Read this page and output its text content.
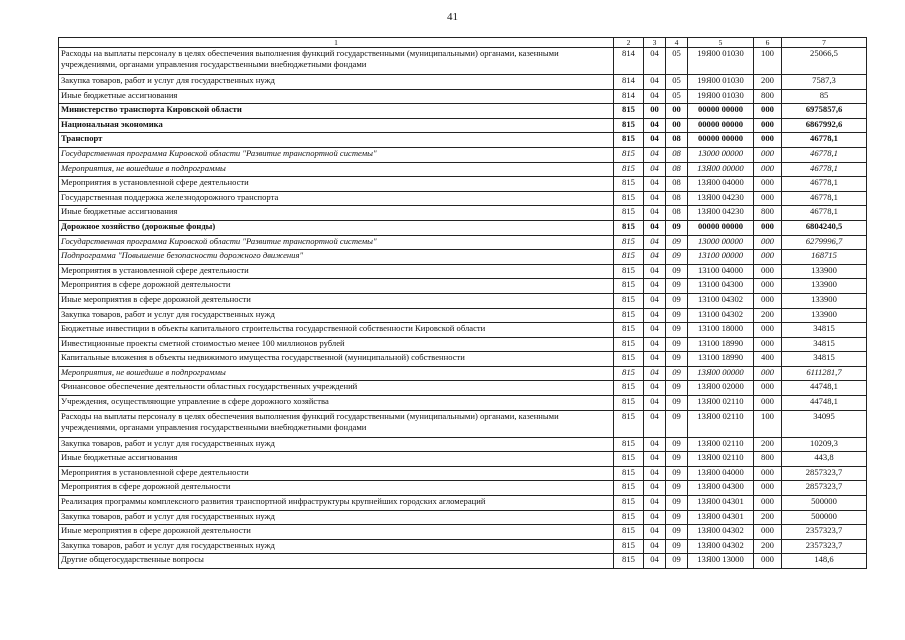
41
1	2	3	4	5	6	7
Расходы на выплаты персоналу в целях обеспечения выполнения функций государственными (муниципальными) органами, казенными учреждениями, органами управления государственными внебюджетными фондами	814	04	05	19Я00 01030	100	25066,5
Закупка товаров, работ и услуг для государственных нужд	814	04	05	19Я00 01030	200	7587,3
Иные бюджетные ассигнования	814	04	05	19Я00 01030	800	85
Министерство транспорта Кировской области	815	00	00	00000 00000	000	6975857,6
Национальная экономика	815	04	00	00000 00000	000	6867992,6
Транспорт	815	04	08	00000 00000	000	46778,1
Государственная программа Кировской области "Развитие транспортной системы"	815	04	08	13000 00000	000	46778,1
Мероприятия, не вошедшие в подпрограммы	815	04	08	13Я00 00000	000	46778,1
Мероприятия в установленной сфере деятельности	815	04	08	13Я00 04000	000	46778,1
Государственная поддержка железнодорожного транспорта	815	04	08	13Я00 04230	000	46778,1
Иные бюджетные ассигнования	815	04	08	13Я00 04230	800	46778,1
Дорожное хозяйство (дорожные фонды)	815	04	09	00000 00000	000	6804240,5
Государственная программа Кировской области "Развитие транспортной системы"	815	04	09	13000 00000	000	6279996,7
Подпрограмма "Повышение безопасности дорожного движения"	815	04	09	13100 00000	000	168715
Мероприятия в установленной сфере деятельности	815	04	09	13100 04000	000	133900
Мероприятия в сфере дорожной деятельности	815	04	09	13100 04300	000	133900
Иные мероприятия в сфере дорожной деятельности	815	04	09	13100 04302	000	133900
Закупка товаров, работ и услуг для государственных нужд	815	04	09	13100 04302	200	133900
Бюджетные инвестиции в объекты капитального строительства государственной собственности Кировской области	815	04	09	13100 18000	000	34815
Инвестиционные проекты сметной стоимостью менее 100 миллионов рублей	815	04	09	13100 18990	000	34815
Капитальные вложения в объекты недвижимого имущества государственной (муниципальной) собственности	815	04	09	13100 18990	400	34815
Мероприятия, не вошедшие в подпрограммы	815	04	09	13Я00 00000	000	6111281,7
Финансовое обеспечение деятельности областных государственных учреждений	815	04	09	13Я00 02000	000	44748,1
Учреждения, осуществляющие управление в сфере дорожного хозяйства	815	04	09	13Я00 02110	000	44748,1
Расходы на выплаты персоналу в целях обеспечения выполнения функций государственными (муниципальными) органами, казенными учреждениями, органами управления государственными внебюджетными фондами	815	04	09	13Я00 02110	100	34095
Закупка товаров, работ и услуг для государственных нужд	815	04	09	13Я00 02110	200	10209,3
Иные бюджетные ассигнования	815	04	09	13Я00 02110	800	443,8
Мероприятия в установленной сфере деятельности	815	04	09	13Я00 04000	000	2857323,7
Мероприятия в сфере дорожной деятельности	815	04	09	13Я00 04300	000	2857323,7
Реализация программы комплексного развития транспортной инфраструктуры крупнейших городских агломераций	815	04	09	13Я00 04301	000	500000
Закупка товаров, работ и услуг для государственных нужд	815	04	09	13Я00 04301	200	500000
Иные мероприятия в сфере дорожной деятельности	815	04	09	13Я00 04302	000	2357323,7
Закупка товаров, работ и услуг для государственных нужд	815	04	09	13Я00 04302	200	2357323,7
Другие общегосударственные вопросы	815	04	09	13Я00 13000	000	148,6
